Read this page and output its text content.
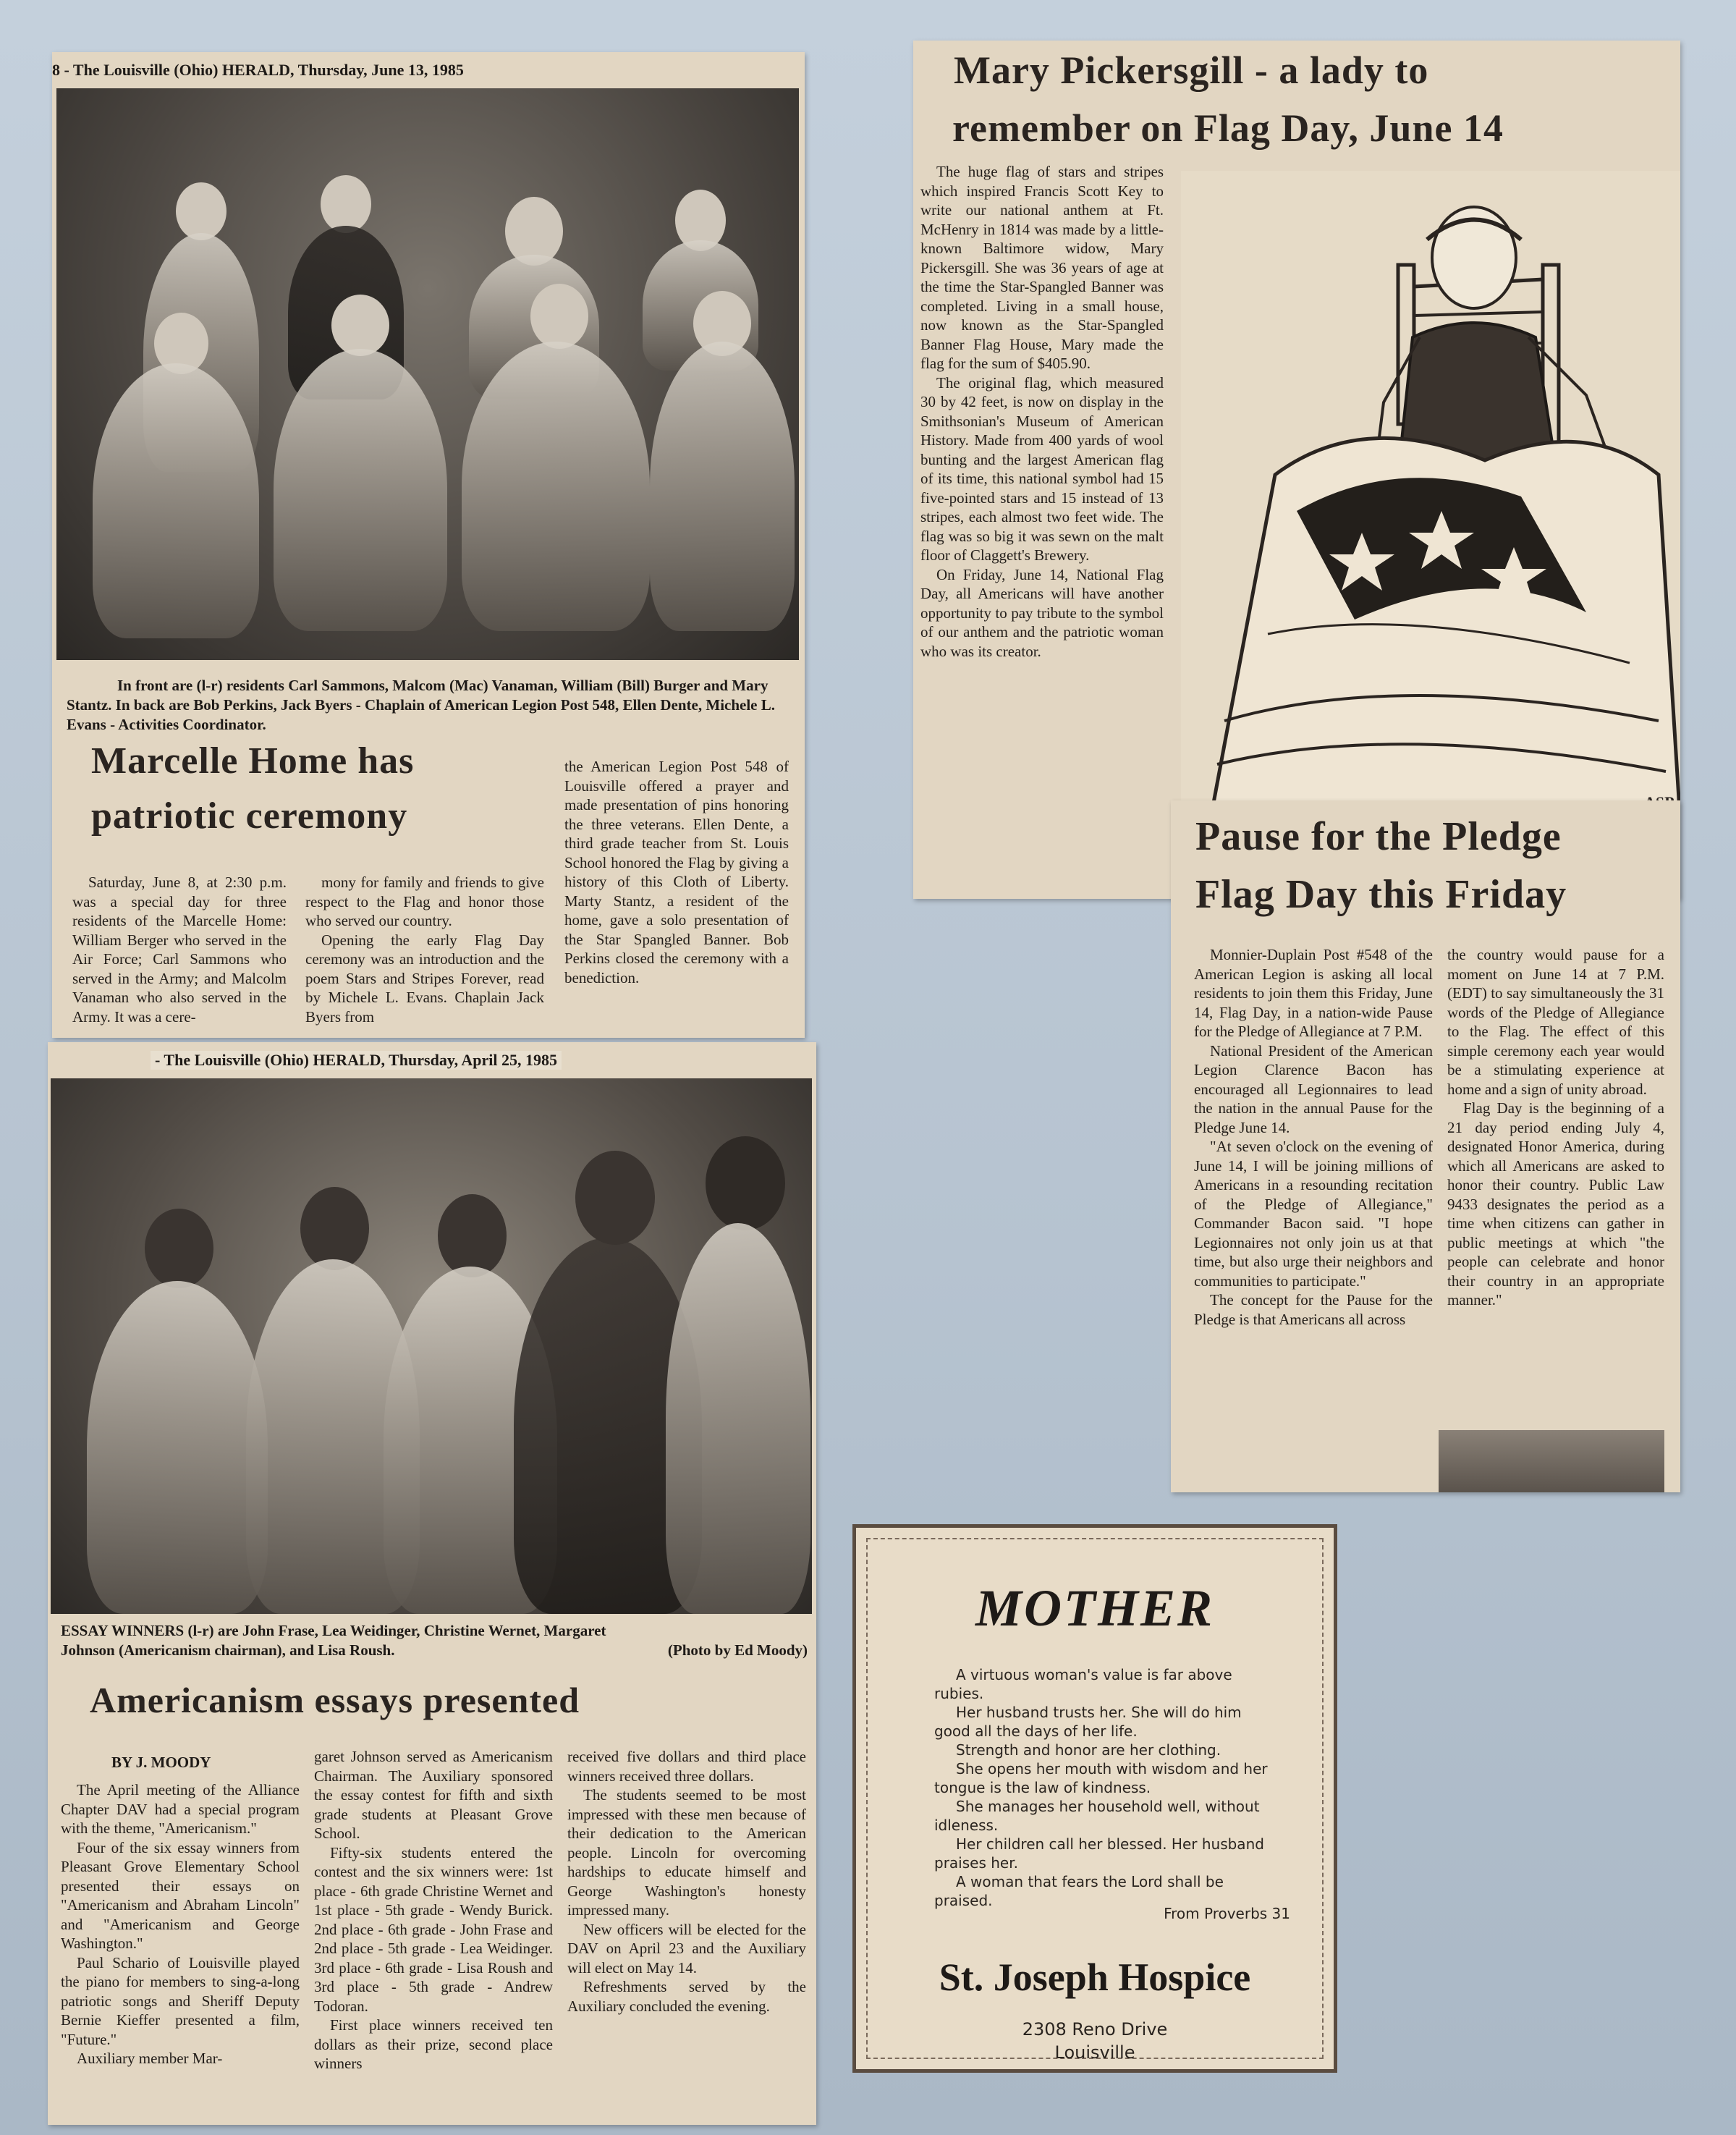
8 - The Louisville (Ohio) HERALD, Thursday, June 13, 1985
In front are (l-r) residents Carl Sammons, Malcom (Mac) Vanaman, William (Bill) Burger and Mary Stantz. In back are Bob Perkins, Jack Byers - Chaplain of American Legion Post 548, Ellen Dente, Michele L. Evans - Activities Coordinator.
Marcelle Home has
patriotic ceremony

Saturday, June 8, at 2:30 p.m. was a special day for three residents of the Marcelle Home: William Berger who served in the Air Force; Carl Sammons who served in the Army; and Malcolm Vanaman who also served in the Army. It was a cere-

mony for family and friends to give respect to the Flag and honor those who served our country.

Opening the early Flag Day ceremony was an introduction and the poem Stars and Stripes Forever, read by Michele L. Evans. Chaplain Jack Byers from

the American Legion Post 548 of Louisville offered a prayer and made presentation of pins honoring the three veterans. Ellen Dente, a third grade teacher from St. Louis School honored the Flag by giving a history of this Cloth of Liberty. Marty Stantz, a resident of the home, gave a solo presentation of the Star Spangled Banner. Bob Perkins closed the ceremony with a benediction.

Mary Pickersgill - a lady to
remember on Flag Day, June 14

The huge flag of stars and stripes which inspired Francis Scott Key to write our national anthem at Ft. McHenry in 1814 was made by a little-known Baltimore widow, Mary Pickersgill. She was 36 years of age at the time the Star-Spangled Banner was completed. Living in a small house, now known as the Star-Spangled Banner Flag House, Mary made the flag for the sum of $405.90.

The original flag, which measured 30 by 42 feet, is now on display in the Smithsonian's Museum of American History. Made from 400 yards of wool bunting and the largest American flag of its time, this national symbol had 15 five-pointed stars and 15 instead of 13 stripes, each almost two feet wide. The flag was so big it was sewn on the malt floor of Claggett's Brewery.

On Friday, June 14, National Flag Day, all Americans will have another opportunity to pay tribute to the symbol of our anthem and the patriotic woman who was its creator.

Pause for the Pledge
Flag Day this Friday

Monnier-Duplain Post #548 of the American Legion is asking all local residents to join them this Friday, June 14, Flag Day, in a nation-wide Pause for the Pledge of Allegiance at 7 P.M.

National President of the American Legion Clarence Bacon has encouraged all Legionnaires to lead the nation in the annual Pause for the Pledge June 14.

"At seven o'clock on the evening of June 14, I will be joining millions of Americans in a resounding recitation of the Pledge of Allegiance," Commander Bacon said. "I hope Legionnaires not only join us at that time, but also urge their neighbors and communities to participate."

The concept for the Pause for the Pledge is that Americans all across

the country would pause for a moment on June 14 at 7 P.M. (EDT) to say simultaneously the 31 words of the Pledge of Allegiance to the Flag. The effect of this simple ceremony each year would be a stimulating experience at home and a sign of unity abroad.

Flag Day is the beginning of a 21 day period ending July 4, designated Honor America, during which all Americans are asked to honor their country. Public Law 9433 designates the period as a time when citizens can gather in public meetings at which "the people can celebrate and honor their country in an appropriate manner."

- The Louisville (Ohio) HERALD, Thursday, April 25, 1985
ESSAY WINNERS (l-r) are John Frase, Lea Weidinger, Christine Wernet, Margaret Johnson (Americanism chairman), and Lisa Roush.	(Photo by Ed Moody)
Americanism essays presented
BY J. MOODY

The April meeting of the Alliance Chapter DAV had a special program with the theme, "Americanism."

Four of the six essay winners from Pleasant Grove Elementary School presented their essays on "Americanism and Abraham Lincoln" and "Americanism and George Washington."

Paul Schario of Louisville played the piano for members to sing-a-long patriotic songs and Sheriff Deputy Bernie Kieffer presented a film, "Future."

Auxiliary member Mar-

garet Johnson served as Americanism Chairman. The Auxiliary sponsored the essay contest for fifth and sixth grade students at Pleasant Grove School.

Fifty-six students entered the contest and the six winners were: 1st place - 6th grade Christine Wernet and 1st place - 5th grade - Wendy Burick. 2nd place - 6th grade - John Frase and 2nd place - 5th grade - Lea Weidinger. 3rd place - 6th grade - Lisa Roush and 3rd place - 5th grade - Andrew Todoran.

First place winners received ten dollars as their prize, second place winners

received five dollars and third place winners received three dollars.

The students seemed to be most impressed with these men because of their dedication to the American people. Lincoln for overcoming hardships to educate himself and George Washington's honesty impressed many.

New officers will be elected for the DAV on April 23 and the Auxiliary will elect on May 14.

Refreshments served by the Auxiliary concluded the evening.

MOTHER

A virtuous woman's value is far above rubies.

Her husband trusts her. She will do him good all the days of her life.

Strength and honor are her clothing.

She opens her mouth with wisdom and her tongue is the law of kindness.

She manages her household well, without idleness.

Her children call her blessed. Her husband praises her.

A woman that fears the Lord shall be praised.

From Proverbs 31
St. Joseph Hospice
2308 Reno Drive
Louisville
